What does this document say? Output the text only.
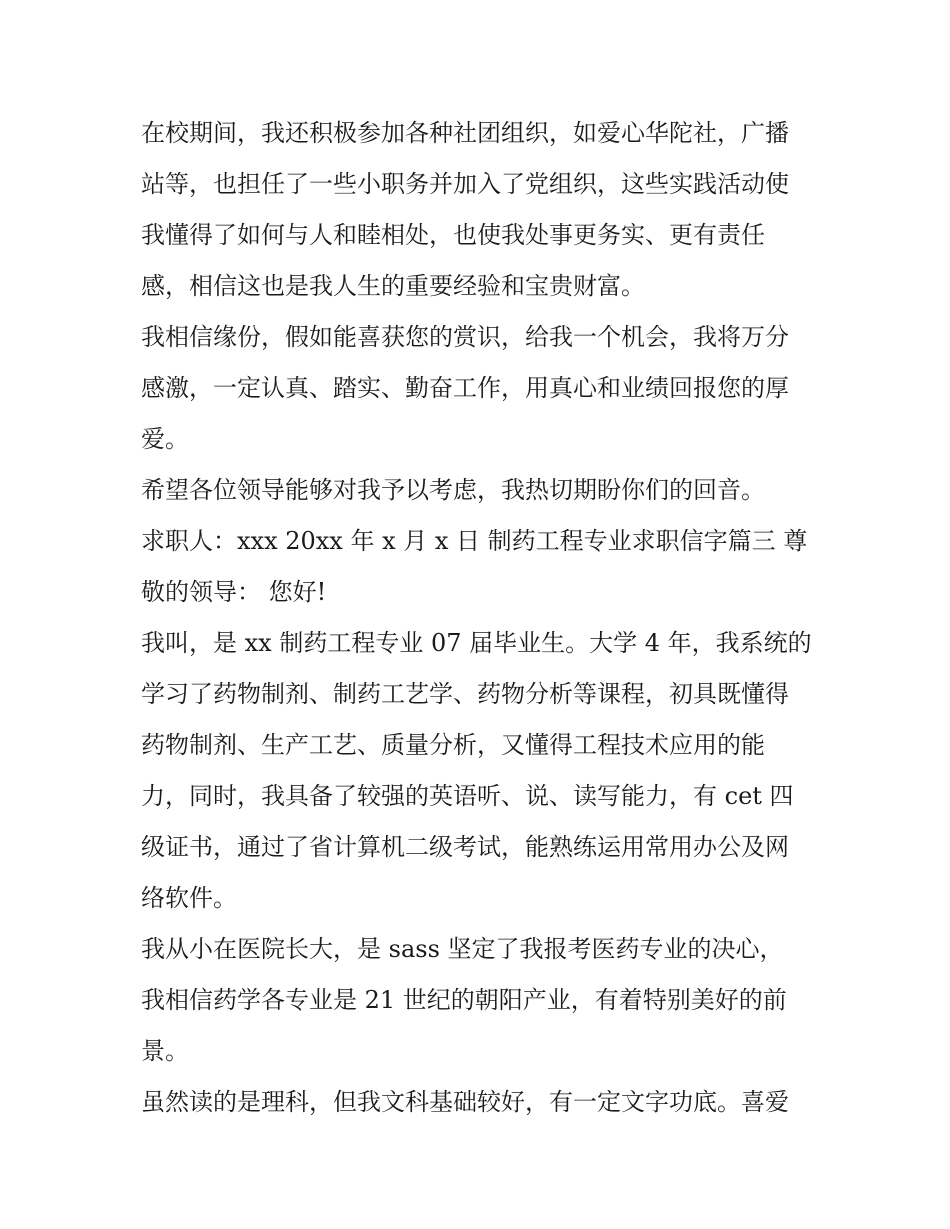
在校期间，我还积极参加各种社团组织，如爱心华陀社，广播
站等，也担任了一些小职务并加入了党组织，这些实践活动使
我懂得了如何与人和睦相处，也使我处事更务实、更有责任
感，相信这也是我人生的重要经验和宝贵财富。
我相信缘份，假如能喜获您的赏识，给我一个机会，我将万分
感激，一定认真、踏实、勤奋工作，用真心和业绩回报您的厚
爱。
希望各位领导能够对我予以考虑，我热切期盼你们的回音。
求职人：xxx 20xx 年 x 月 x 日 制药工程专业求职信字篇三 尊
敬的领导： 您好!
我叫，是 xx 制药工程专业 07 届毕业生。大学 4 年，我系统的
学习了药物制剂、制药工艺学、药物分析等课程，初具既懂得
药物制剂、生产工艺、质量分析，又懂得工程技术应用的能
力，同时，我具备了较强的英语听、说、读写能力，有 cet 四
级证书，通过了省计算机二级考试，能熟练运用常用办公及网
络软件。
我从小在医院长大，是 sass 坚定了我报考医药专业的决心，
我相信药学各专业是 21 世纪的朝阳产业，有着特别美好的前
景。
虽然读的是理科，但我文科基础较好，有一定文字功底。喜爱
